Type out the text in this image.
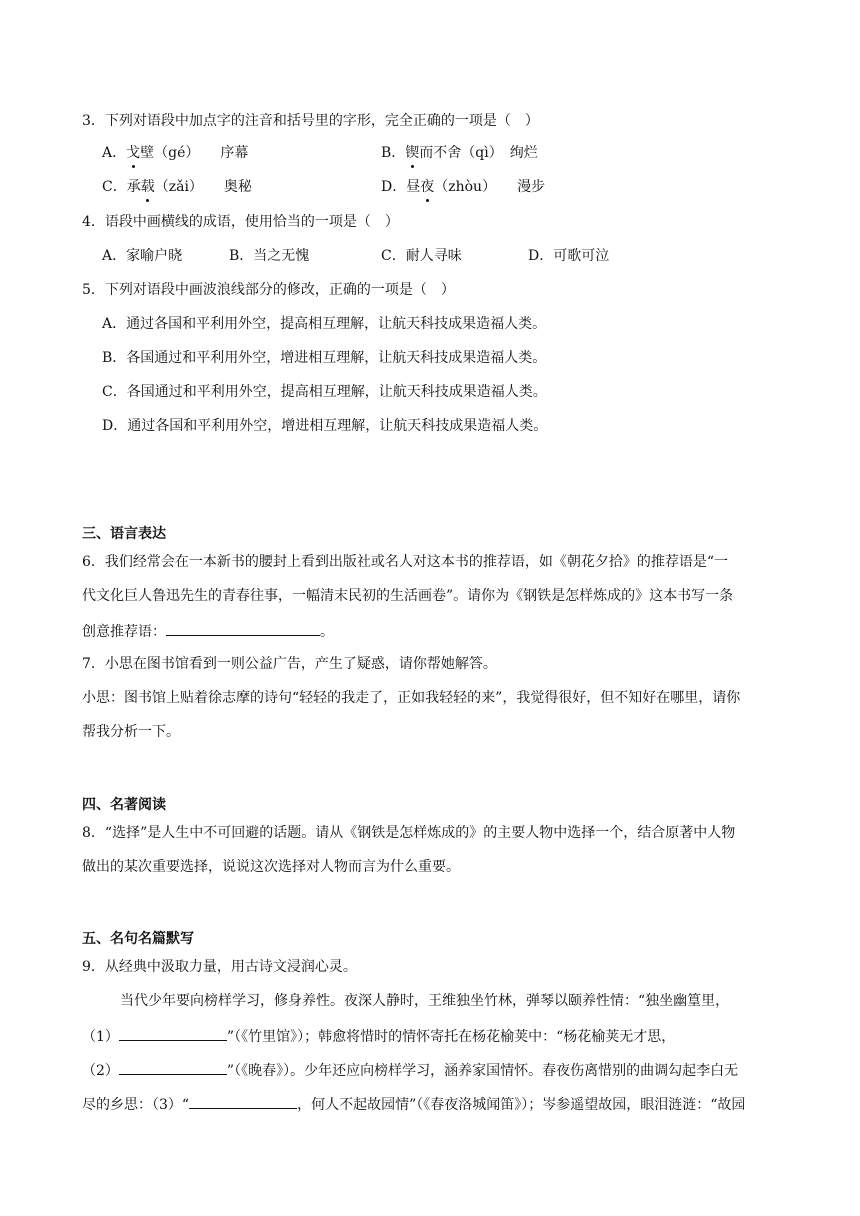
3．下列对语段中加点字的注音和括号里的字形，完全正确的一项是（　）
A．戈壁（gé）　　序幕	B．锲而不舍（qì）　绚烂
C．承载（zǎi）　　奥秘	D．昼夜（zhòu）　　漫步
4．语段中画横线的成语，使用恰当的一项是（　）
A．家喻户晓	B．当之无愧	C．耐人寻味	D．可歌可泣
5．下列对语段中画波浪线部分的修改，正确的一项是（　）
A．通过各国和平利用外空，提高相互理解，让航天科技成果造福人类。
B．各国通过和平利用外空，增进相互理解，让航天科技成果造福人类。
C．各国通过和平利用外空，提高相互理解，让航天科技成果造福人类。
D．通过各国和平利用外空，增进相互理解，让航天科技成果造福人类。
三、语言表达
6．我们经常会在一本新书的腰封上看到出版社或名人对这本书的推荐语，如《朝花夕拾》的推荐语是“一
代文化巨人鲁迅先生的青春往事，一幅清末民初的生活画卷”。请你为《钢铁是怎样炼成的》这本书写一条
创意推荐语：	。
7．小思在图书馆看到一则公益广告，产生了疑惑，请你帮她解答。
小思：图书馆上贴着徐志摩的诗句“轻轻的我走了，正如我轻轻的来”，我觉得很好，但不知好在哪里，请你
帮我分析一下。
四、名著阅读
8．“选择”是人生中不可回避的话题。请从《钢铁是怎样炼成的》的主要人物中选择一个，结合原著中人物
做出的某次重要选择，说说这次选择对人物而言为什么重要。
五、名句名篇默写
9．从经典中汲取力量，用古诗文浸润心灵。
当代少年要向榜样学习，修身养性。夜深人静时，王维独坐竹林，弹琴以颐养性情：“独坐幽篁里，
（1）	”（《竹里馆》）；韩愈将惜时的情怀寄托在杨花榆荚中：“杨花榆荚无才思，
（2）	”（《晚春》）。少年还应向榜样学习，涵养家国情怀。春夜伤离惜别的曲调勾起李白无
尽的乡思：（3）“	，何人不起故园情”（《春夜洛城闻笛》）；岑参遥望故园，眼泪涟涟：“故园
